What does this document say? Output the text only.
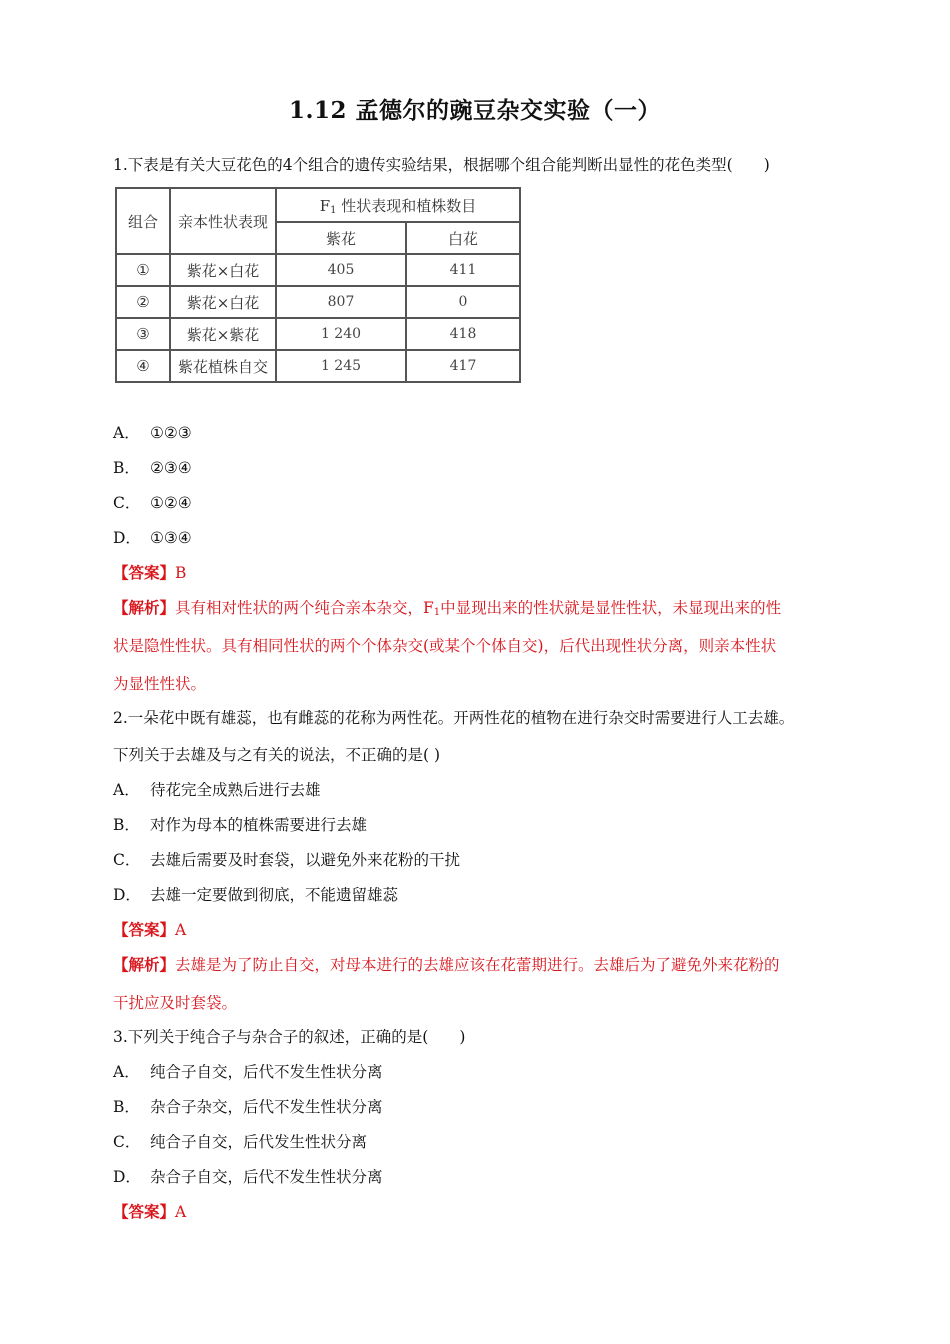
1.12 孟德尔的豌豆杂交实验（一）
1.下表是有关大豆花色的4个组合的遗传实验结果，根据哪个组合能判断出显性的花色类型(　　)
组合	亲本性状表现	$F_1$ 性状表现和植株数目	
		紫花	白花
①	紫花×白花	405	411
②	紫花×白花	807	0
③	紫花×紫花	1 240	418
④	紫花植株自交	1 245	417
A． ①②③
B． ②③④
C． ①②④
D． ①③④
【答案】B
【解析】具有相对性状的两个纯合亲本杂交，$F_1$中显现出来的性状就是显性性状，未显现出来的性
状是隐性性状。具有相同性状的两个个体杂交(或某个个体自交)，后代出现性状分离，则亲本性状
为显性性状。
2.一朵花中既有雄蕊，也有雌蕊的花称为两性花。开两性花的植物在进行杂交时需要进行人工去雄。
下列关于去雄及与之有关的说法，不正确的是( )
A． 待花完全成熟后进行去雄
B． 对作为母本的植株需要进行去雄
C． 去雄后需要及时套袋，以避免外来花粉的干扰
D． 去雄一定要做到彻底，不能遗留雄蕊
【答案】A
【解析】去雄是为了防止自交，对母本进行的去雄应该在花蕾期进行。去雄后为了避免外来花粉的
干扰应及时套袋。
3.下列关于纯合子与杂合子的叙述，正确的是(　　)
A． 纯合子自交，后代不发生性状分离
B． 杂合子杂交，后代不发生性状分离
C． 纯合子自交，后代发生性状分离
D． 杂合子自交，后代不发生性状分离
【答案】A
